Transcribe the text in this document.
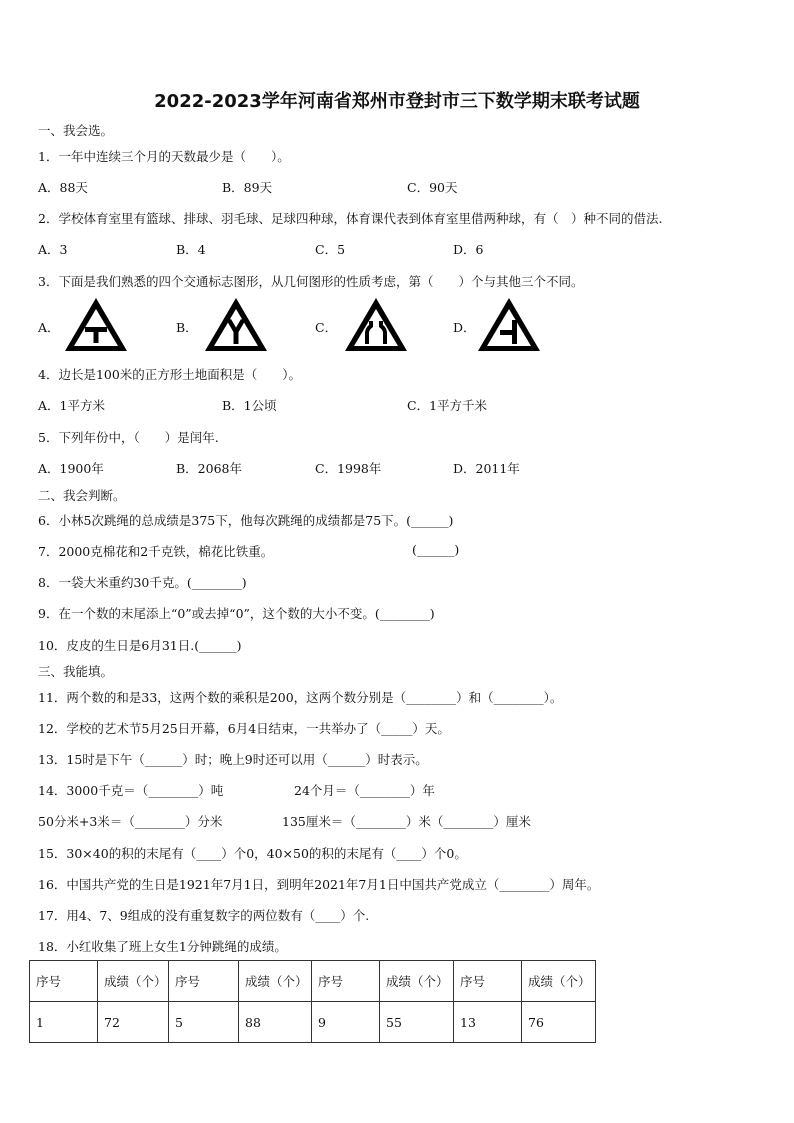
2022-2023学年河南省郑州市登封市三下数学期末联考试题
一、我会选。
1．一年中连续三个月的天数最少是（　　）。
A．88天	B．89天	C．90天
2．学校体育室里有篮球、排球、羽毛球、足球四种球，体育课代表到体育室里借两种球，有（　）种不同的借法.
A．3	B．4	C．5	D．6
3．下面是我们熟悉的四个交通标志图形，从几何图形的性质考虑，第（　　）个与其他三个不同。
A．	B．	C．	D．
4．边长是100米的正方形土地面积是（　　）。
A．1平方米	B．1公顷	C．1平方千米
5．下列年份中，（　　）是闰年.
A．1900年	B．2068年	C．1998年	D．2011年
二、我会判断。
6．小林5次跳绳的总成绩是375下，他每次跳绳的成绩都是75下。(______)
7．2000克棉花和2千克铁，棉花比铁重。	(______)
8．一袋大米重约30千克。(________)
9．在一个数的末尾添上“0”或去掉“0”，这个数的大小不变。(________)
10．皮皮的生日是6月31日.(______)
三、我能填。
11．两个数的和是33，这两个数的乘积是200，这两个数分别是（________）和（________）。
12．学校的艺术节5月25日开幕，6月4日结束，一共举办了（_____）天。
13．15时是下午（______）时；晚上9时还可以用（______）时表示。
14．3000千克＝（________）吨	24个月＝（________）年
50分米+3米＝（________）分米	135厘米＝（________）米（________）厘米
15．30×40的积的末尾有（____）个0，40×50的积的末尾有（____）个0。
16．中国共产党的生日是1921年7月1日，到明年2021年7月1日中国共产党成立（________）周年。
17．用4、7、9组成的没有重复数字的两位数有（____）个.
18．小红收集了班上女生1分钟跳绳的成绩。
序号	成绩（个）	序号	成绩（个）	序号	成绩（个）	序号	成绩（个）
1	72	5	88	9	55	13	76
